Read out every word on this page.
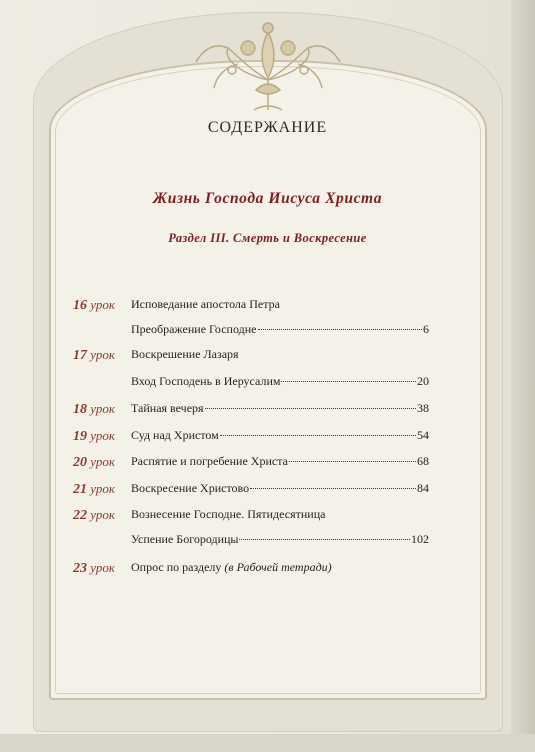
СОДЕРЖАНИЕ
Жизнь Господа Иисуса Христа
Раздел III. Смерть и Воскресение
16 урок Исповедание апостола Петра
Преображение Господне	6
17 урок Воскрешение Лазаря
Вход Господень в Иерусалим	20
18 урок Тайная вечеря	38
19 урок Суд над Христом	54
20 урок Распятие и погребение Христа	68
21 урок Воскресение Христово	84
22 урок Вознесение Господне. Пятидесятница
Успение Богородицы	102
23 урок Опрос по разделу (в Рабочей тетради)
